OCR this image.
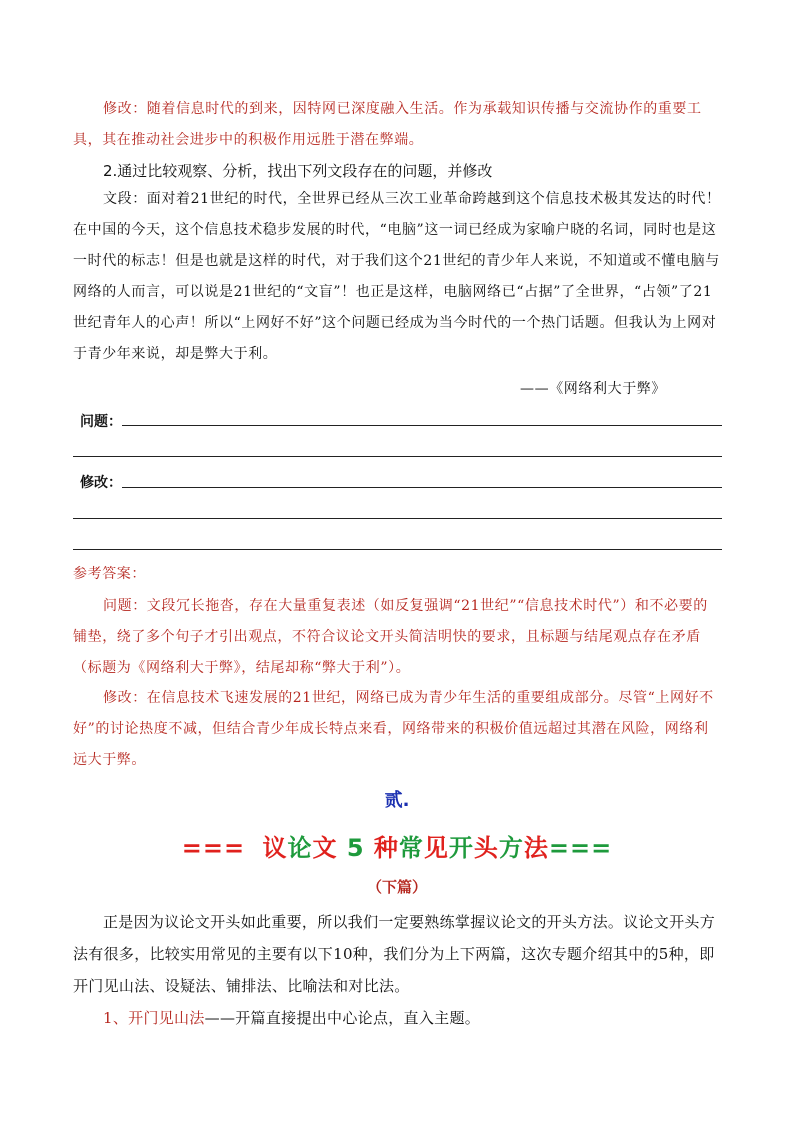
修改：随着信息时代的到来，因特网已深度融入生活。作为承载知识传播与交流协作的重要工具，其在推动社会进步中的积极作用远胜于潜在弊端。

2.通过比较观察、分析，找出下列文段存在的问题，并修改

文段：面对着21世纪的时代，全世界已经从三次工业革命跨越到这个信息技术极其发达的时代！在中国的今天，这个信息技术稳步发展的时代，“电脑”这一词已经成为家喻户晓的名词，同时也是这一时代的标志！但是也就是这样的时代，对于我们这个21世纪的青少年人来说，不知道或不懂电脑与网络的人而言，可以说是21世纪的“文盲”！也正是这样，电脑网络已“占据”了全世界，“占领”了21世纪青年人的心声！所以“上网好不好”这个问题已经成为当今时代的一个热门话题。但我认为上网对于青少年来说，却是弊大于利。

——《网络利大于弊》
问题：
修改：
参考答案：

问题：文段冗长拖沓，存在大量重复表述（如反复强调“21世纪”“信息技术时代”）和不必要的铺垫，绕了多个句子才引出观点，不符合议论文开头简洁明快的要求，且标题与结尾观点存在矛盾（标题为《网络利大于弊》，结尾却称“弊大于利”）。

修改：在信息技术飞速发展的21世纪，网络已成为青少年生活的重要组成部分。尽管“上网好不好”的讨论热度不减，但结合青少年成长特点来看，网络带来的积极价值远超过其潜在风险，网络利远大于弊。

贰.
=== 议论文 5 种常见开头方法===
（下篇）

正是因为议论文开头如此重要，所以我们一定要熟练掌握议论文的开头方法。议论文开头方法有很多，比较实用常见的主要有以下10种，我们分为上下两篇，这次专题介绍其中的5种，即开门见山法、设疑法、铺排法、比喻法和对比法。

1、开门见山法——开篇直接提出中心论点，直入主题。
